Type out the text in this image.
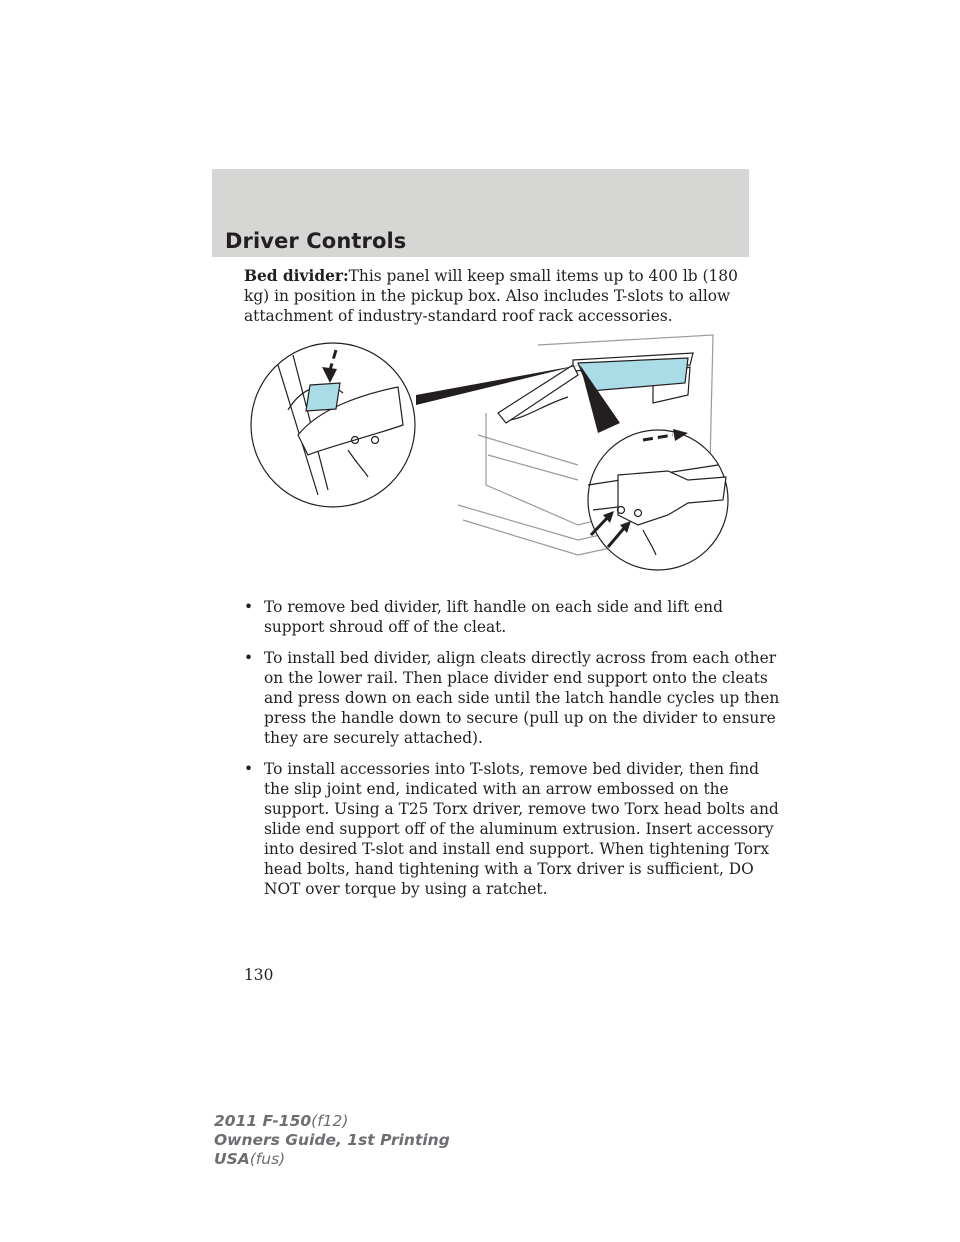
Driver Controls

Bed divider:This panel will keep small items up to 400 lb (180 kg) in position in the pickup box. Also includes T-slots to allow attachment of industry-standard roof rack accessories.

• To remove bed divider, lift handle on each side and lift end support shroud off of the cleat.
• To install bed divider, align cleats directly across from each other on the lower rail. Then place divider end support onto the cleats and press down on each side until the latch handle cycles up then press the handle down to secure (pull up on the divider to ensure they are securely attached).
• To install accessories into T-slots, remove bed divider, then find the slip joint end, indicated with an arrow embossed on the support. Using a T25 Torx driver, remove two Torx head bolts and slide end support off of the aluminum extrusion. Insert accessory into desired T-slot and install end support. When tightening Torx head bolts, hand tightening with a Torx driver is sufficient, DO NOT over torque by using a ratchet.
130
2011 F-150(f12)
Owners Guide, 1st Printing
USA(fus)
